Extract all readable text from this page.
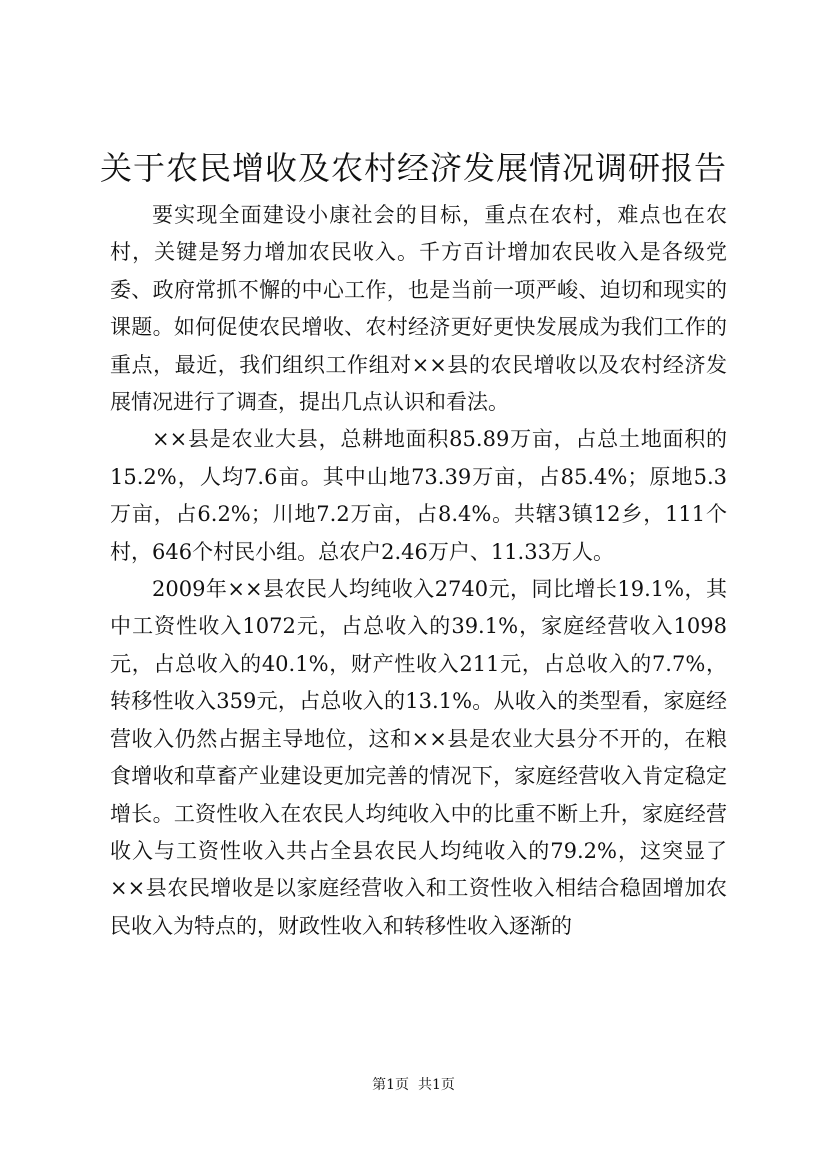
关于农民增收及农村经济发展情况调研报告

要实现全面建设小康社会的目标，重点在农村，难点也在农村，关键是努力增加农民收入。千方百计增加农民收入是各级党委、政府常抓不懈的中心工作，也是当前一项严峻、迫切和现实的课题。如何促使农民增收、农村经济更好更快发展成为我们工作的重点，最近，我们组织工作组对××县的农民增收以及农村经济发展情况进行了调查，提出几点认识和看法。

××县是农业大县，总耕地面积85.89万亩，占总土地面积的15.2%，人均7.6亩。其中山地73.39万亩，占85.4%；原地5.3万亩，占6.2%；川地7.2万亩，占8.4%。共辖3镇12乡，111个村，646个村民小组。总农户2.46万户、11.33万人。

2009年××县农民人均纯收入2740元，同比增长19.1%，其中工资性收入1072元，占总收入的39.1%，家庭经营收入1098元，占总收入的40.1%，财产性收入211元，占总收入的7.7%，转移性收入359元，占总收入的13.1%。从收入的类型看，家庭经营收入仍然占据主导地位，这和××县是农业大县分不开的，在粮食增收和草畜产业建设更加完善的情况下，家庭经营收入肯定稳定增长。工资性收入在农民人均纯收入中的比重不断上升，家庭经营收入与工资性收入共占全县农民人均纯收入的79.2%，这突显了××县农民增收是以家庭经营收入和工资性收入相结合稳固增加农民收入为特点的，财政性收入和转移性收入逐渐的

第1页 共1页
